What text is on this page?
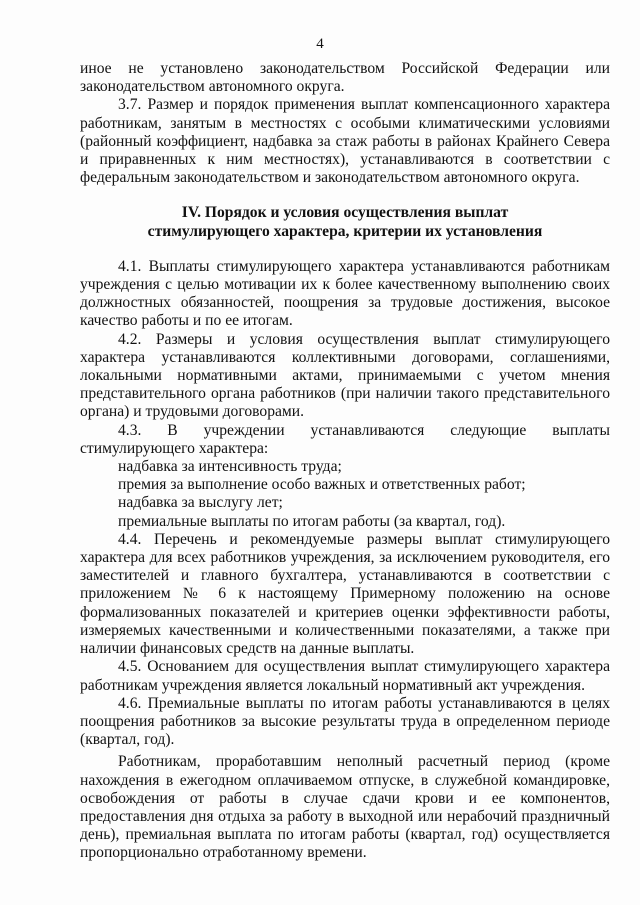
4

иное не установлено законодательством Российской Федерации или законодательством автономного округа.

3.7. Размер и порядок применения выплат компенсационного характера работникам, занятым в местностях с особыми климатическими условиями (районный коэффициент, надбавка за стаж работы в районах Крайнего Севера и приравненных к ним местностях), устанавливаются в соответствии с федеральным законодательством и законодательством автономного округа.

IV. Порядок и условия осуществления выплат

стимулирующего характера, критерии их установления

4.1. Выплаты стимулирующего характера устанавливаются работникам учреждения с целью мотивации их к более качественному выполнению своих должностных обязанностей, поощрения за трудовые достижения, высокое качество работы и по ее итогам.

4.2. Размеры и условия осуществления выплат стимулирующего характера устанавливаются коллективными договорами, соглашениями, локальными нормативными актами, принимаемыми с учетом мнения представительного органа работников (при наличии такого представительного органа) и трудовыми договорами.

4.3. В учреждении устанавливаются следующие выплаты стимулирующего характера:

надбавка за интенсивность труда;

премия за выполнение особо важных и ответственных работ;

надбавка за выслугу лет;

премиальные выплаты по итогам работы (за квартал, год).

4.4. Перечень и рекомендуемые размеры выплат стимулирующего характера для всех работников учреждения, за исключением руководителя, его заместителей и главного бухгалтера, устанавливаются в соответствии с приложением № 6 к настоящему Примерному положению на основе формализованных показателей и критериев оценки эффективности работы, измеряемых качественными и количественными показателями, а также при наличии финансовых средств на данные выплаты.

4.5. Основанием для осуществления выплат стимулирующего характера работникам учреждения является локальный нормативный акт учреждения.

4.6. Премиальные выплаты по итогам работы устанавливаются в целях поощрения работников за высокие результаты труда в определенном периоде (квартал, год).

Работникам, проработавшим неполный расчетный период (кроме нахождения в ежегодном оплачиваемом отпуске, в служебной командировке, освобождения от работы в случае сдачи крови и ее компонентов, предоставления дня отдыха за работу в выходной или нерабочий праздничный день), премиальная выплата по итогам работы (квартал, год) осуществляется пропорционально отработанному времени.
